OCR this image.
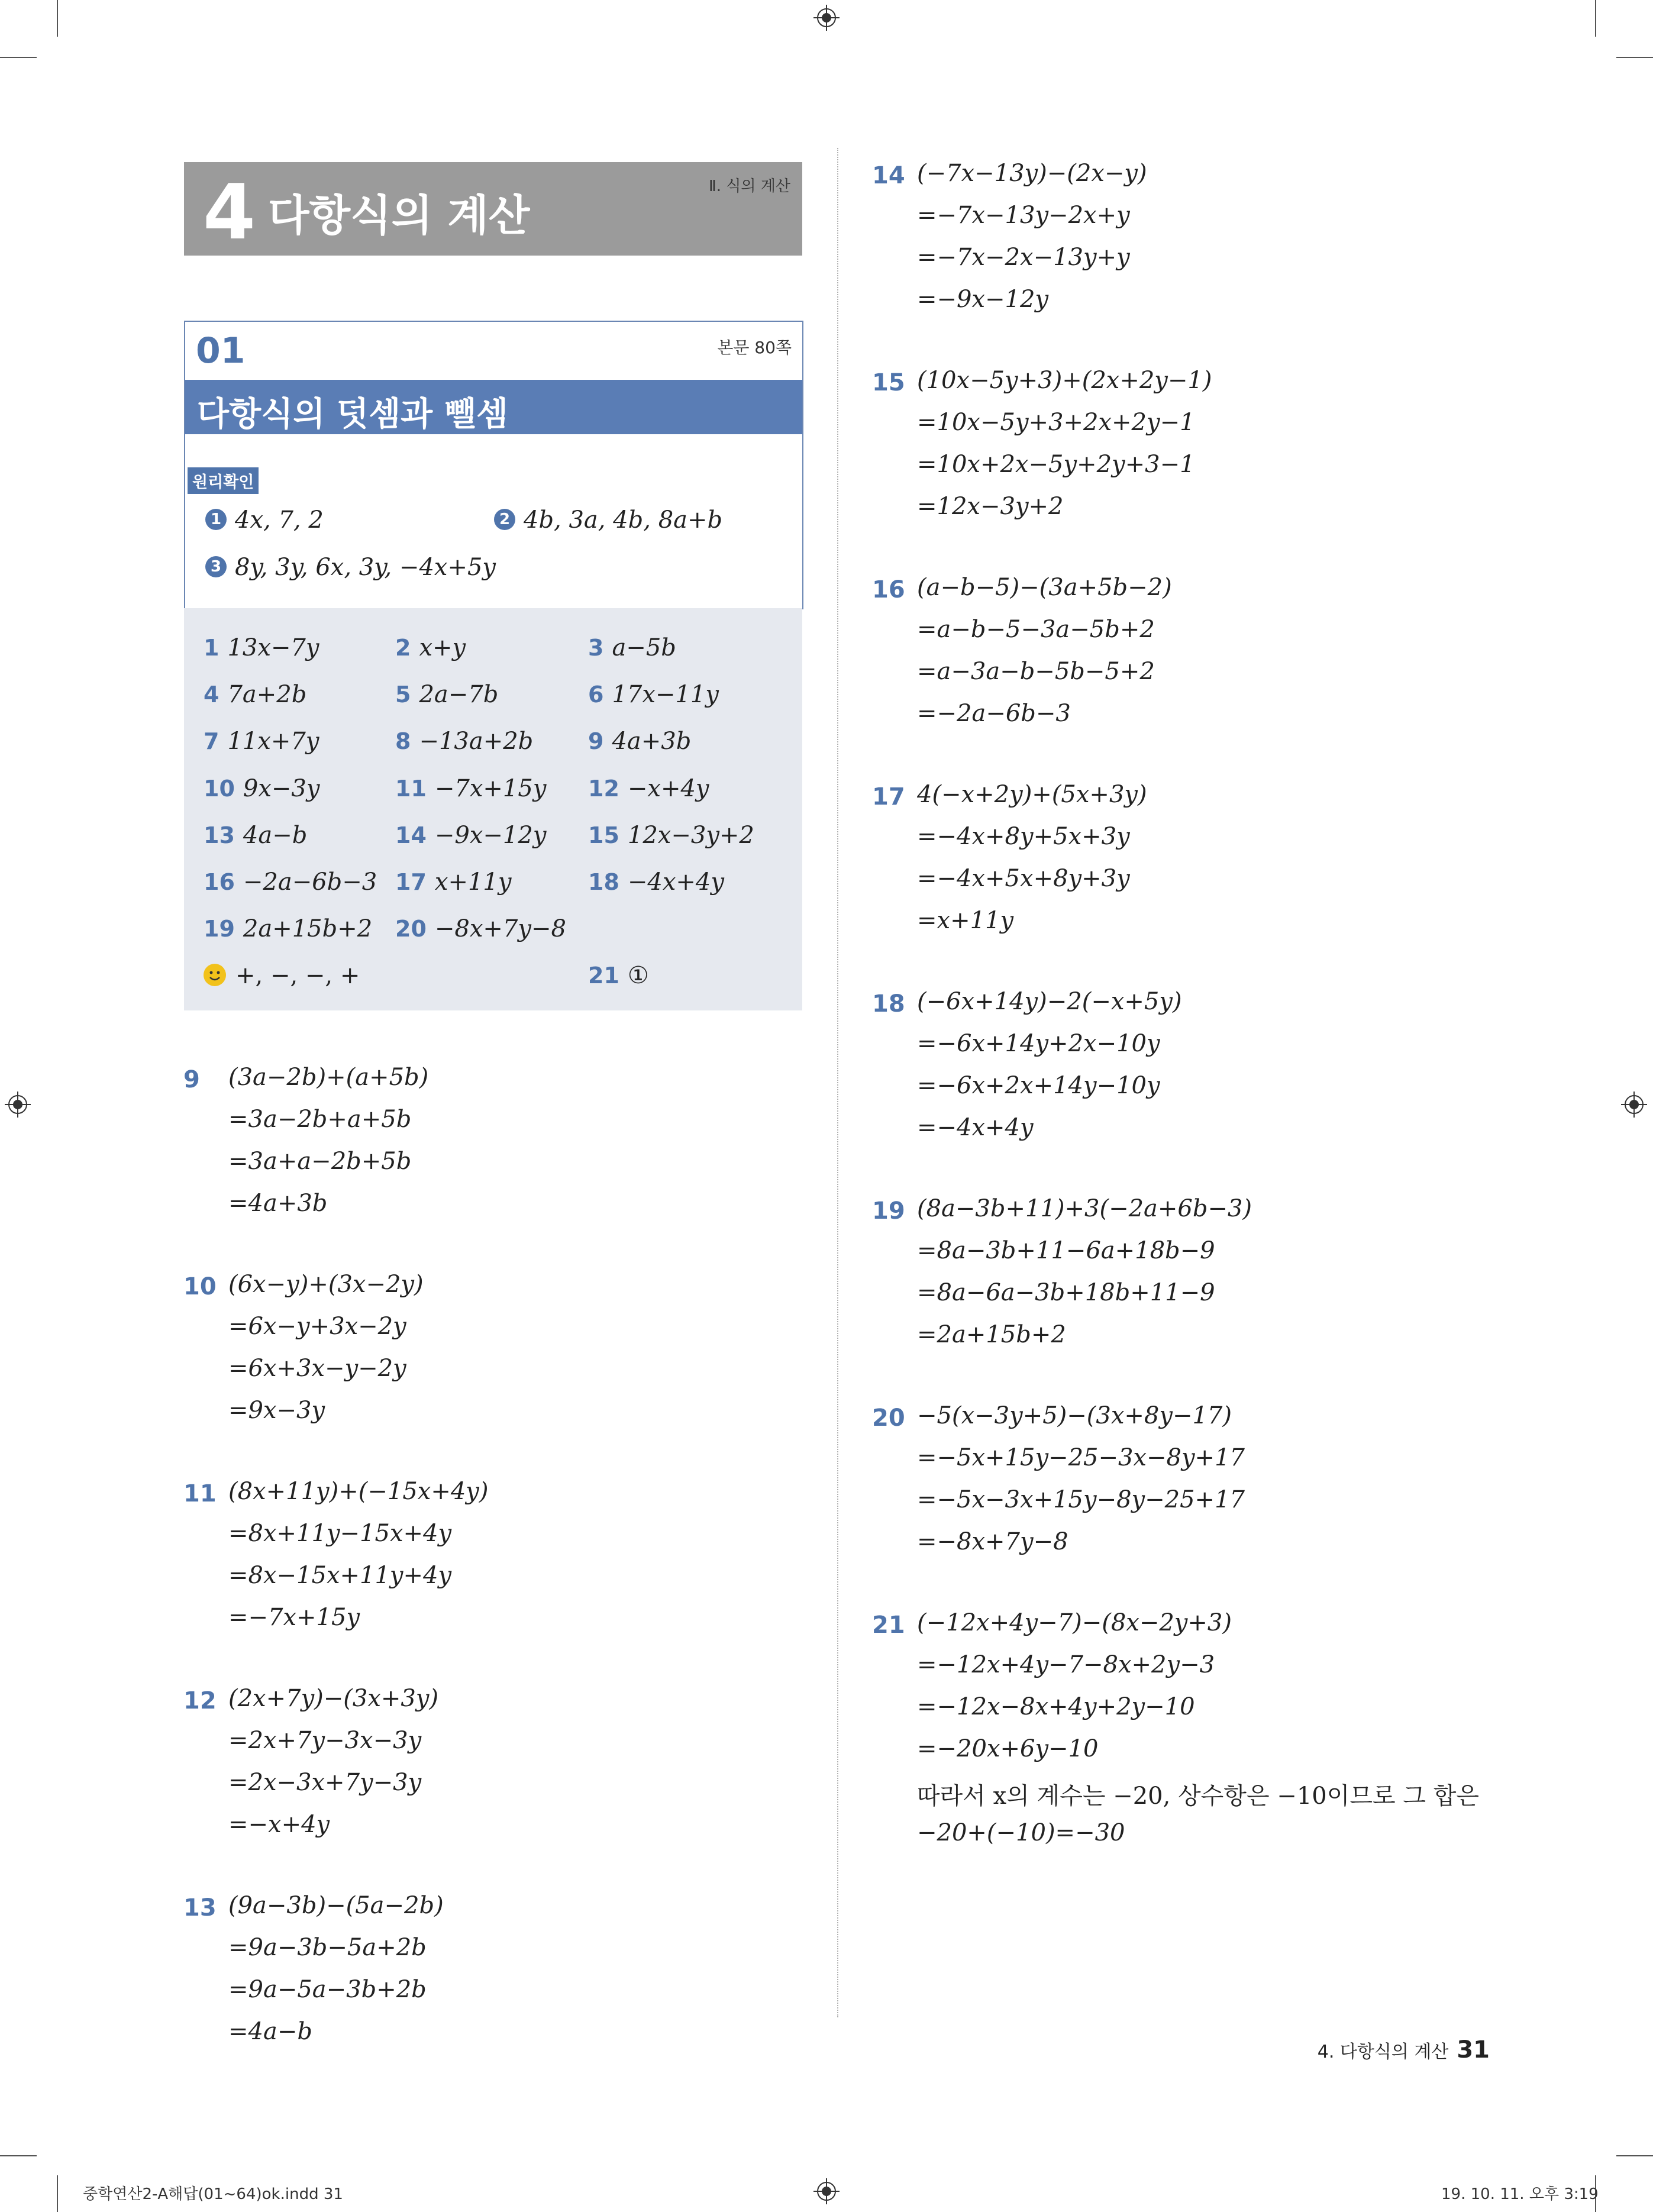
4 다항식의 계산
Ⅱ. 식의 계산
01	본문 80쪽
다항식의 덧셈과 뺄셈
원리확인
1 4x, 7, 2	2 4b, 3a, 4b, 8a+b
3 8y, 3y, 6x, 3y, −4x+5y
1 13x−7y	2 x+y	3 a−5b
4 7a+2b	5 2a−7b	6 17x−11y
7 11x+7y	8 −13a+2b 9 4a+3b
10 9x−3y	11 −7x+15y 12 −x+4y
13 4a−b	14 −9x−12y 15 12x−3y+2
16 −2a−6b−3 17 x+11y	18 −4x+4y
19 2a+15b+2 20 −8x+7y−8
+, −, −, +	21 ①
9 (3a−2b)+(a+5b)
=3a−2b+a+5b
=3a+a−2b+5b
=4a+3b
10 (6x−y)+(3x−2y)
=6x−y+3x−2y
=6x+3x−y−2y
=9x−3y
11 (8x+11y)+(−15x+4y)
=8x+11y−15x+4y
=8x−15x+11y+4y
=−7x+15y
12 (2x+7y)−(3x+3y)
=2x+7y−3x−3y
=2x−3x+7y−3y
=−x+4y
13 (9a−3b)−(5a−2b)
=9a−3b−5a+2b
=9a−5a−3b+2b
=4a−b
14 (−7x−13y)−(2x−y)
=−7x−13y−2x+y
=−7x−2x−13y+y
=−9x−12y
15 (10x−5y+3)+(2x+2y−1)
=10x−5y+3+2x+2y−1
=10x+2x−5y+2y+3−1
=12x−3y+2
16 (a−b−5)−(3a+5b−2)
=a−b−5−3a−5b+2
=a−3a−b−5b−5+2
=−2a−6b−3
17 4(−x+2y)+(5x+3y)
=−4x+8y+5x+3y
=−4x+5x+8y+3y
=x+11y
18 (−6x+14y)−2(−x+5y)
=−6x+14y+2x−10y
=−6x+2x+14y−10y
=−4x+4y
19 (8a−3b+11)+3(−2a+6b−3)
=8a−3b+11−6a+18b−9
=8a−6a−3b+18b+11−9
=2a+15b+2
20 −5(x−3y+5)−(3x+8y−17)
=−5x+15y−25−3x−8y+17
=−5x−3x+15y−8y−25+17
=−8x+7y−8
21 (−12x+4y−7)−(8x−2y+3)
=−12x+4y−7−8x+2y−3
=−12x−8x+4y+2y−10
=−20x+6y−10
따라서 x의 계수는 −20, 상수항은 −10이므로 그 합은
−20+(−10)=−30
4. 다항식의 계산 31
중학연산2-A해답(01~64)ok.indd 31	19. 10. 11. 오후 3:19
